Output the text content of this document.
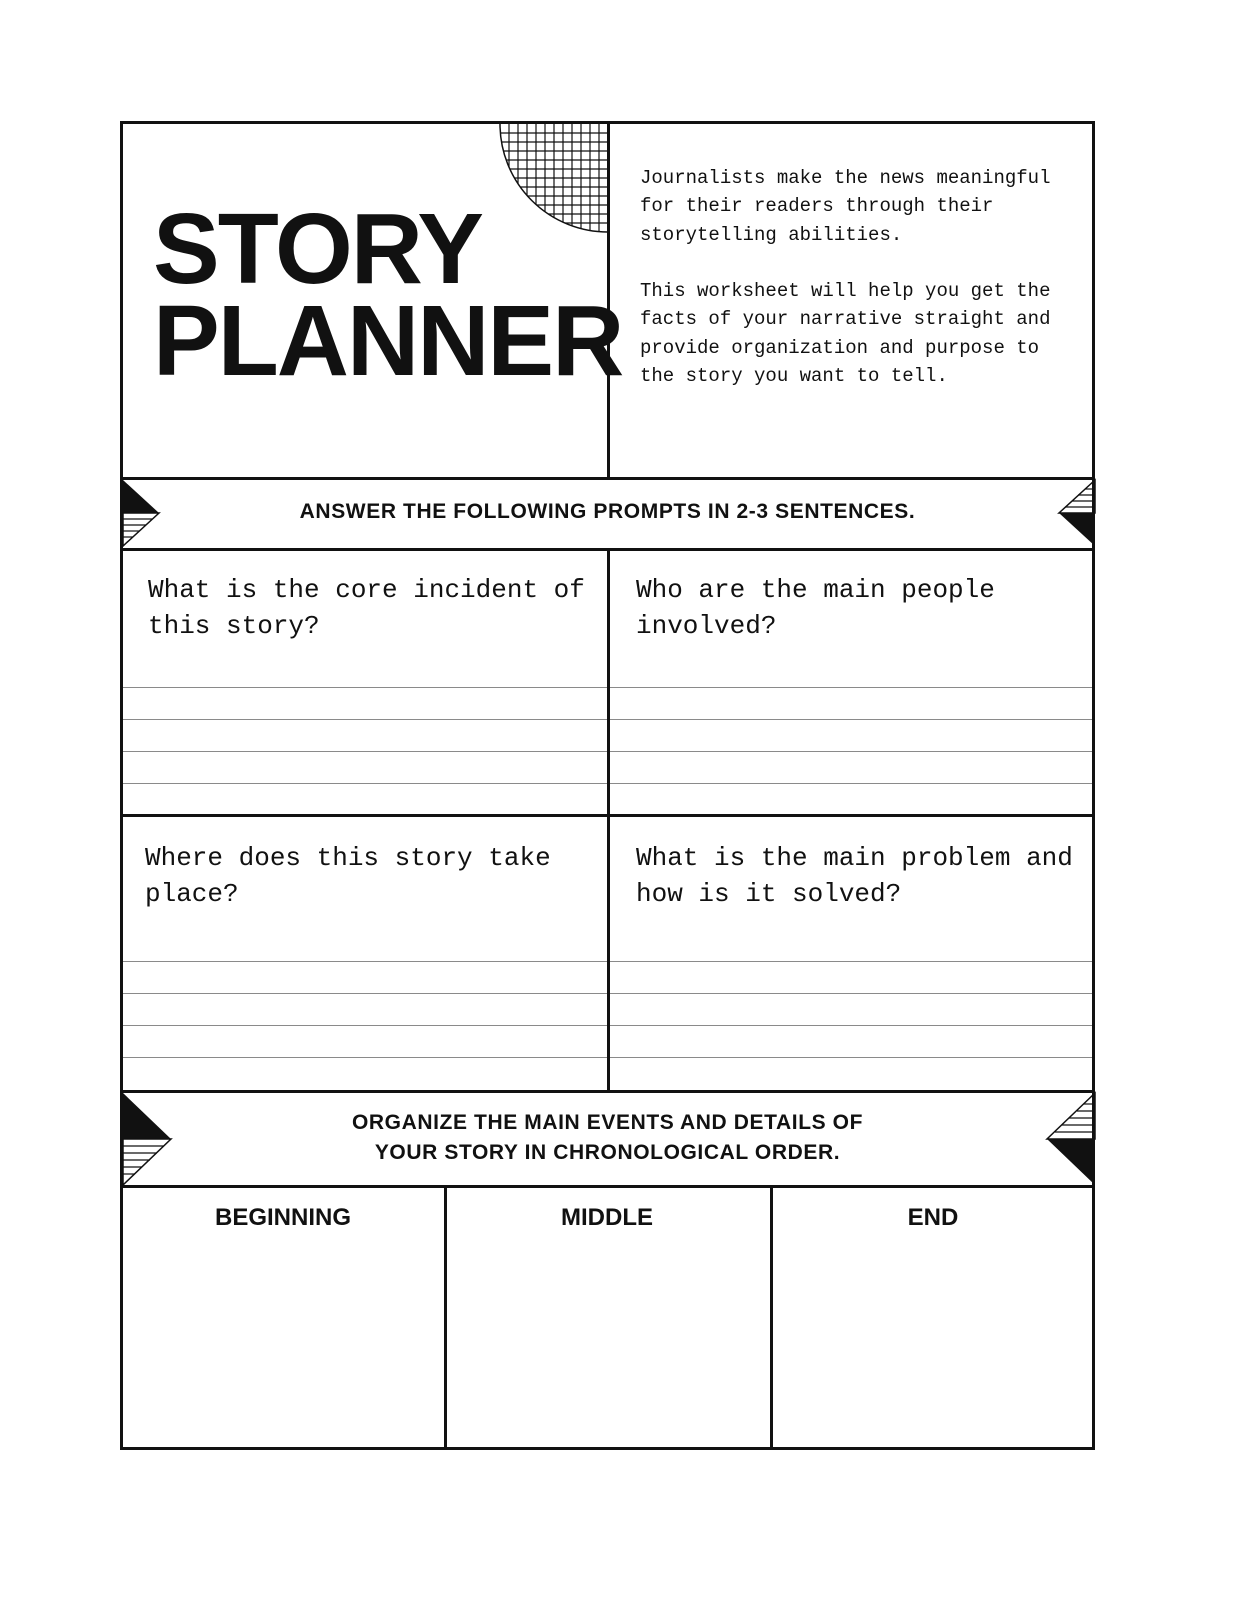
STORY
PLANNER

Journalists make the news meaningful for their readers through their storytelling abilities.

This worksheet will help you get the facts of your narrative straight and provide organization and purpose to the story you want to tell.

ANSWER THE FOLLOWING PROMPTS IN 2-3 SENTENCES.
What is the core incident of this story?
Who are the main people involved?
Where does this story take place?
What is the main problem and how is it solved?
ORGANIZE THE MAIN EVENTS AND DETAILS OF
YOUR STORY IN CHRONOLOGICAL ORDER.
BEGINNING	MIDDLE	END
